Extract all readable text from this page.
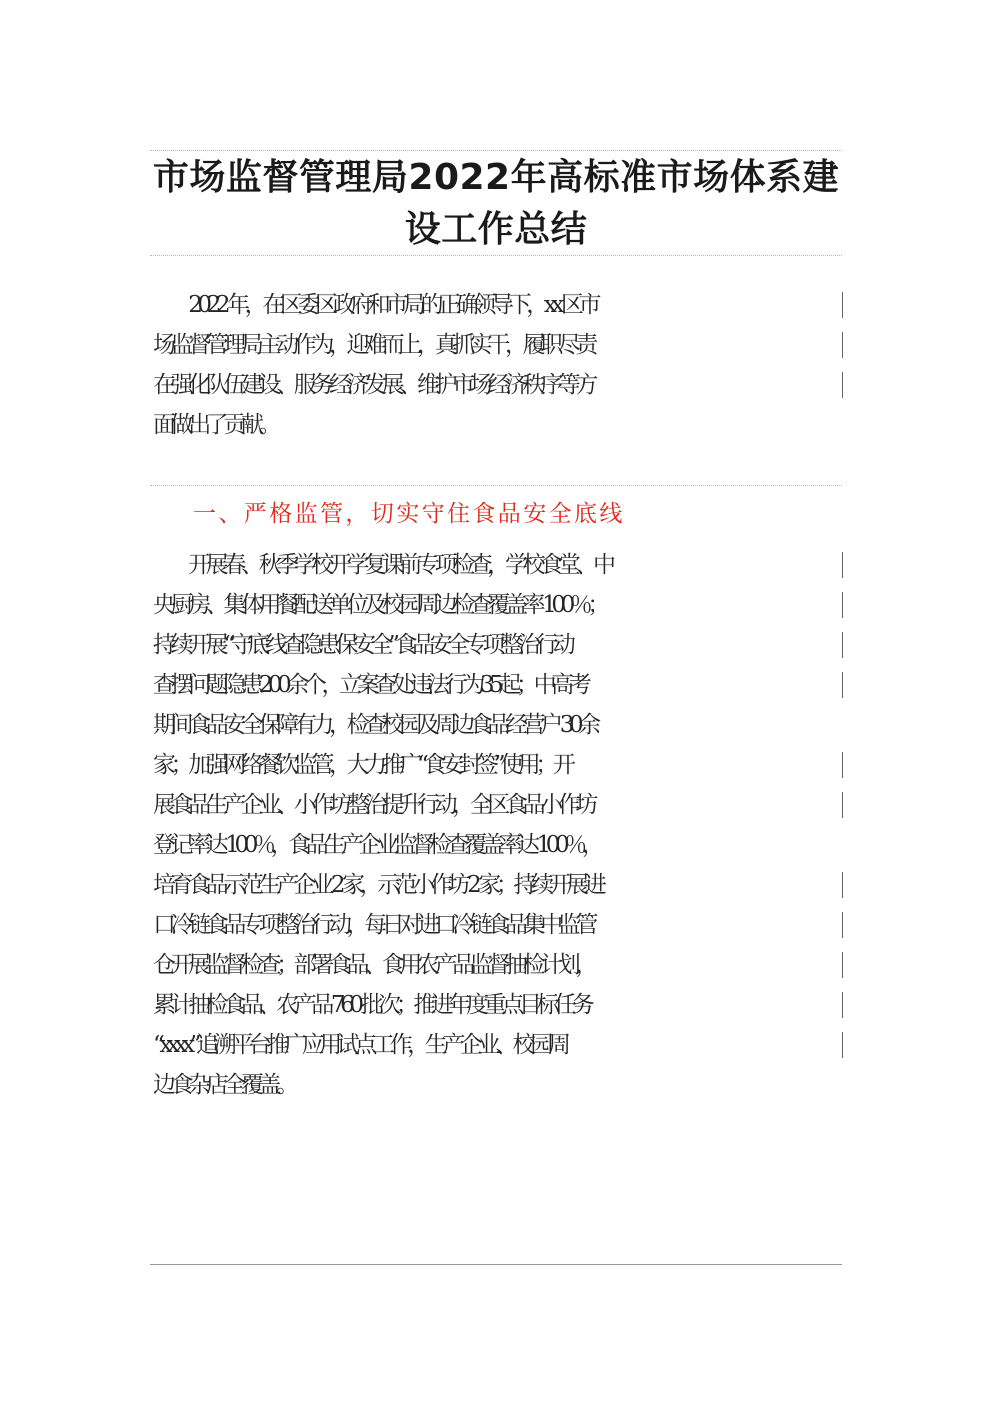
市场监督管理局2022年高标准市场体系建
设工作总结
　　2022 年，在区委区政府和市局的正确领导下，xx 区市
场监督管理局主动作为，迎难而上，真抓实干，履职尽责
在强化队伍建设、服务经济发展、维护市场经济秩序等方
面做出了贡献。
一、严格监管，切实守住食品安全底线
　　开展春、秋季学校开学复课前专项检查，学校食堂、中
央厨房、集体用餐配送单位及校园周边检查覆盖率 100％；
持续开展“守底线查隐患保安全”食品安全专项整治行动
查摆问题隐患200余个，立案查处违法行为35起；中高考
期间食品安全保障有力，检查校园及周边食品经营户 30余
家；加强网络餐饮监管，大力推广“食安封签”使用；开
展食品生产企业、小作坊整治提升行动，全区食品小作坊
登记率达 100％，食品生产企业监督检查覆盖率达 100％，
培育食品示范生产企业 2 家，示范小作坊 2 家；持续开展进
口冷链食品专项整治行动，每日对进口冷链食品集中监管
仓开展监督检查；部署食品、食用农产品监督抽检计划，
累计抽检食品、农产品 760 批次；推进年度重点目标任务
“xxxx”追溯平台推广应用试点工作，生产企业、校园周
边食杂店全覆盖。
